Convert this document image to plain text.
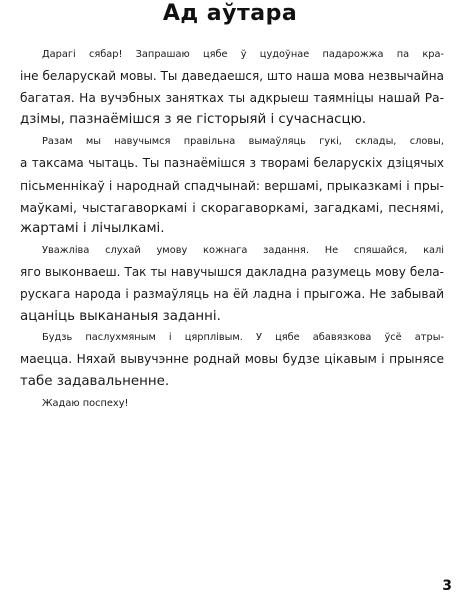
Ад аўтара
Дарагі сябар! Запрашаю цябе ў цудоўнае падарожжа па кра-
іне беларускай мовы. Ты даведаешся, што наша мова незвычайна
багатая. На вучэбных занятках ты адкрыеш таямніцы нашай Ра-
дзімы, пазнаёмішся з яе гісторыяй і сучаснасцю.
Разам мы навучымся правільна вымаўляць гукі, склады, словы,
а таксама чытаць. Ты пазнаёмішся з творамі беларускіх дзіцячых
пісьменнікаў і народнай спадчынай: вершамі, прыказкамі і пры-
маўкамі, чыстагаворкамі і скорагаворкамі, загадкамі, песнямі,
жартамі і лічылкамі.
Уважліва слухай умову кожнага задання. Не спяшайся, калі
яго выконваеш. Так ты навучышся дакладна разумець мову бела-
рускага народа і размаўляць на ёй ладна і прыгожа. Не забывай
ацаніць выкананыя заданні.
Будзь паслухмяным і цярплівым. У цябе абавязкова ўсё атры-
маецца. Няхай вывучэнне роднай мовы будзе цікавым і прынясе
табе задавальненне.
Жадаю поспеху!
3
